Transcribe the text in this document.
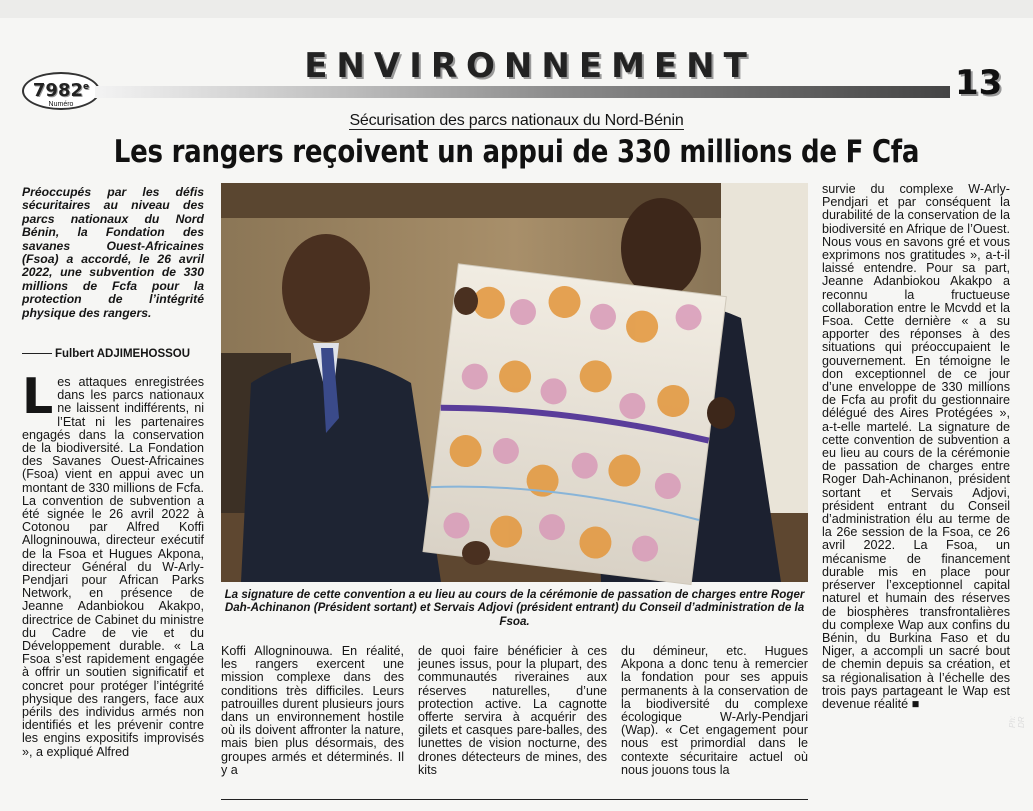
7982e
Numéro
ENVIRONNEMENT	13
Sécurisation des parcs nationaux du Nord-Bénin
Les rangers reçoivent un appui de 330 millions de F Cfa
Préoccupés par les défis sécuritaires au niveau des parcs nationaux du Nord Bénin, la Fondation des savanes Ouest-Africaines (Fsoa) a accordé, le 26 avril 2022, une subvention de 330 millions de Fcfa pour la protection de l’intégrité physique des rangers.
Fulbert ADJIMEHOSSOU
Les attaques enregistrées dans les parcs nationaux ne laissent indifférents, ni l’Etat ni les partenaires engagés dans la conservation de la biodiversité. La Fondation des Savanes Ouest-Africaines (Fsoa) vient en appui avec un montant de 330 millions de Fcfa. La convention de subvention a été signée le 26 avril 2022 à Cotonou par Alfred Koffi Allogninouwa, directeur exécutif de la Fsoa et Hugues Akpona, directeur Général du W-Arly-Pendjari pour African Parks Network, en présence de Jeanne Adanbiokou Akakpo, directrice de Cabinet du ministre du Cadre de vie et du Développement durable. « La Fsoa s’est rapidement engagée à offrir un soutien significatif et concret pour protéger l’intégrité physique des rangers, face aux périls des individus armés non identifiés et les prévenir contre les engins expositifs improvisés », a expliqué Alfred
Ph: DR
La signature de cette convention a eu lieu au cours de la cérémonie de passation de charges entre Roger Dah-Achinanon (Président sortant) et Servais Adjovi (président entrant) du Conseil d’administration de la Fsoa.
Koffi Allogninouwa. En réalité, les rangers exercent une mission complexe dans des conditions très difficiles. Leurs patrouilles durent plusieurs jours dans un environnement hostile où ils doivent affronter la nature, mais bien plus désormais, des groupes armés et déterminés. Il y a
de quoi faire bénéficier à ces jeunes issus, pour la plupart, des communautés riveraines aux réserves naturelles, d’une protection active. La cagnotte offerte servira à acquérir des gilets et casques pare-balles, des lunettes de vision nocturne, des drones détecteurs de mines, des kits
du démineur, etc. Hugues Akpona a donc tenu à remercier la fondation pour ses appuis permanents à la conservation de la biodiversité du complexe écologique W-Arly-Pendjari (Wap). « Cet engagement pour nous est primordial dans le contexte sécuritaire actuel où nous jouons tous la
survie du complexe W-Arly-Pendjari et par conséquent la durabilité de la conservation de la biodiversité en Afrique de l’Ouest. Nous vous en savons gré et vous exprimons nos gratitudes », a-t-il laissé entendre. Pour sa part, Jeanne Adanbiokou Akakpo a reconnu la fructueuse collaboration entre le Mcvdd et la Fsoa. Cette dernière « a su apporter des réponses à des situations qui préoccupaient le gouvernement. En témoigne le don exceptionnel de ce jour d’une enveloppe de 330 millions de Fcfa au profit du gestionnaire délégué des Aires Protégées », a-t-elle martelé. La signature de cette convention de subvention a eu lieu au cours de la cérémonie de passation de charges entre Roger Dah-Achinanon, président sortant et Servais Adjovi, président entrant du Conseil d’administration élu au terme de la 26e session de la Fsoa, ce 26 avril 2022. La Fsoa, un mécanisme de financement durable mis en place pour préserver l’exceptionnel capital naturel et humain des réserves de biosphères transfrontalières du complexe Wap aux confins du Bénin, du Burkina Faso et du Niger, a accompli un sacré bout de chemin depuis sa création, et sa régionalisation à l’échelle des trois pays partageant le Wap est devenue réalité ■
